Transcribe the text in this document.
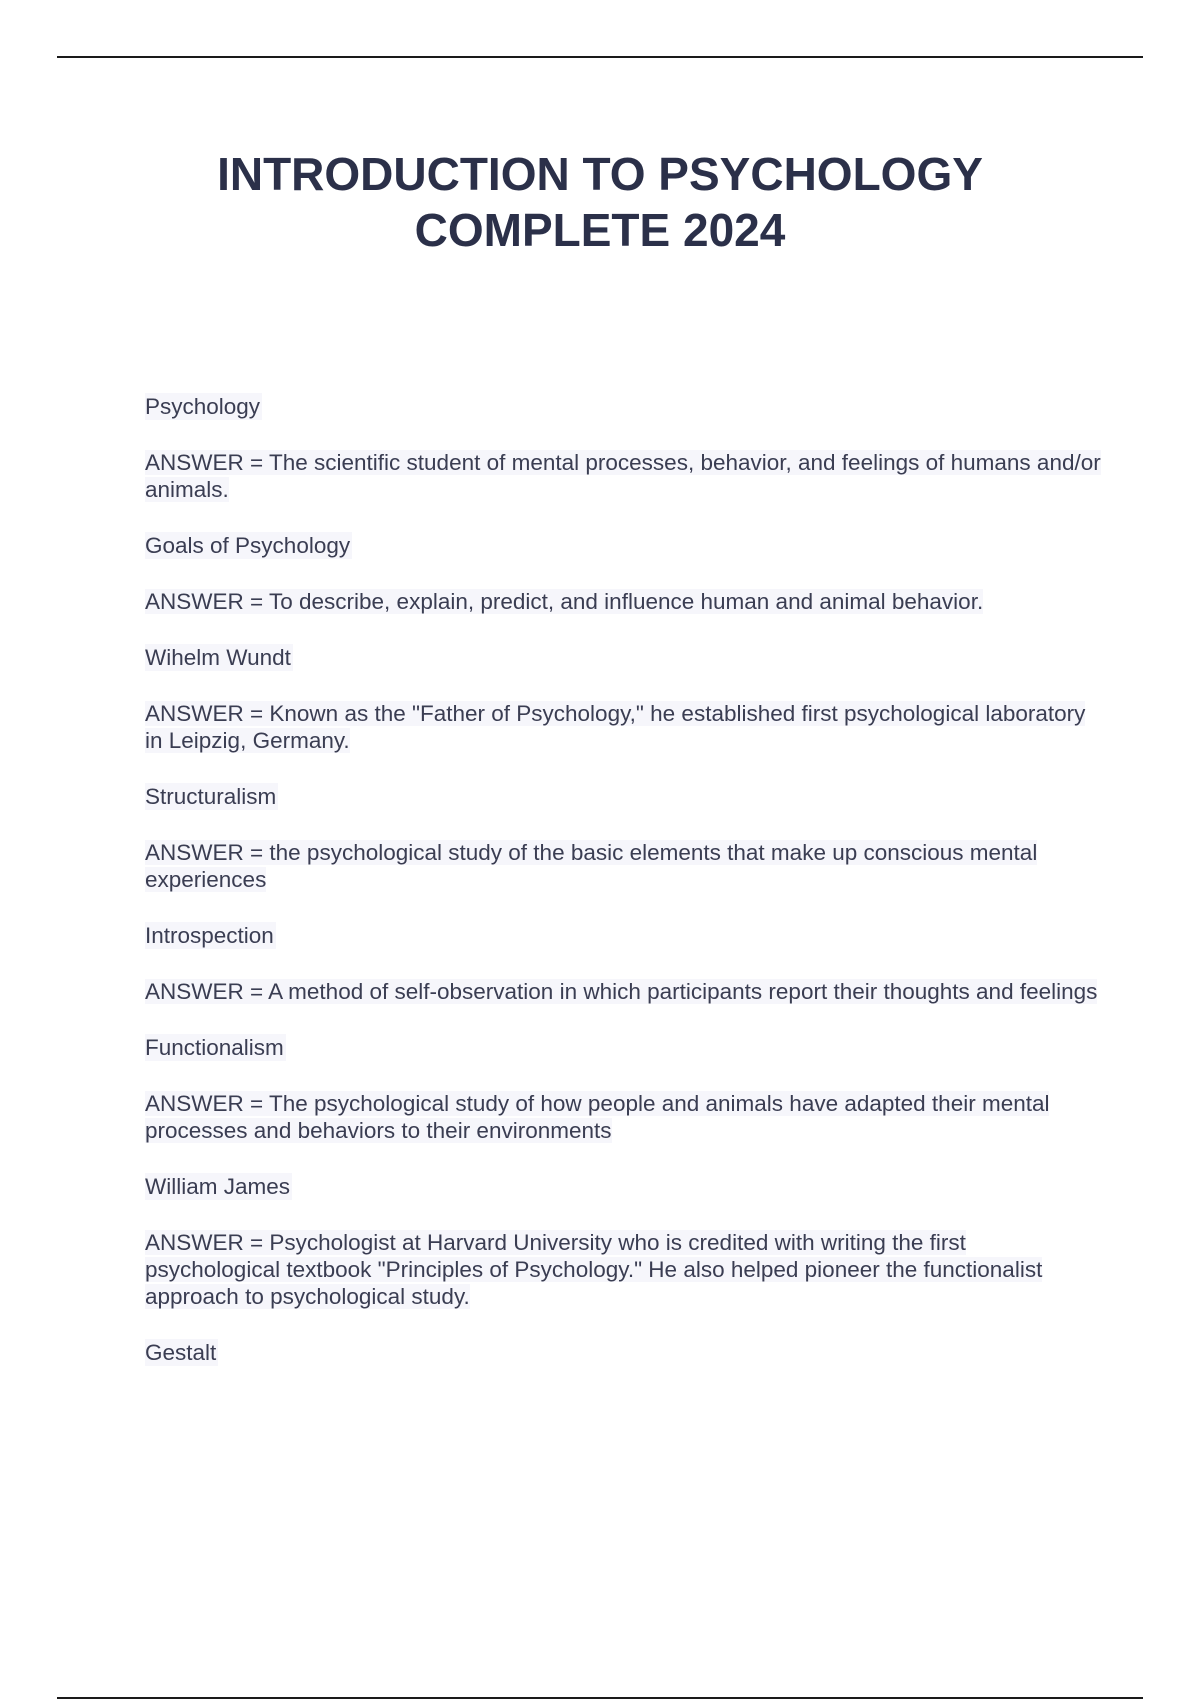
INTRODUCTION TO PSYCHOLOGY
COMPLETE 2024
Psychology
ANSWER = The scientific student of mental processes, behavior, and feelings of humans and/or animals.
Goals of Psychology
ANSWER = To describe, explain, predict, and influence human and animal behavior.
Wihelm Wundt
ANSWER = Known as the "Father of Psychology," he established first psychological laboratory in Leipzig, Germany.
Structuralism
ANSWER = the psychological study of the basic elements that make up conscious mental experiences
Introspection
ANSWER = A method of self-observation in which participants report their thoughts and feelings
Functionalism
ANSWER = The psychological study of how people and animals have adapted their mental processes and behaviors to their environments
William James
ANSWER = Psychologist at Harvard University who is credited with writing the first psychological textbook "Principles of Psychology." He also helped pioneer the functionalist approach to psychological study.
Gestalt
